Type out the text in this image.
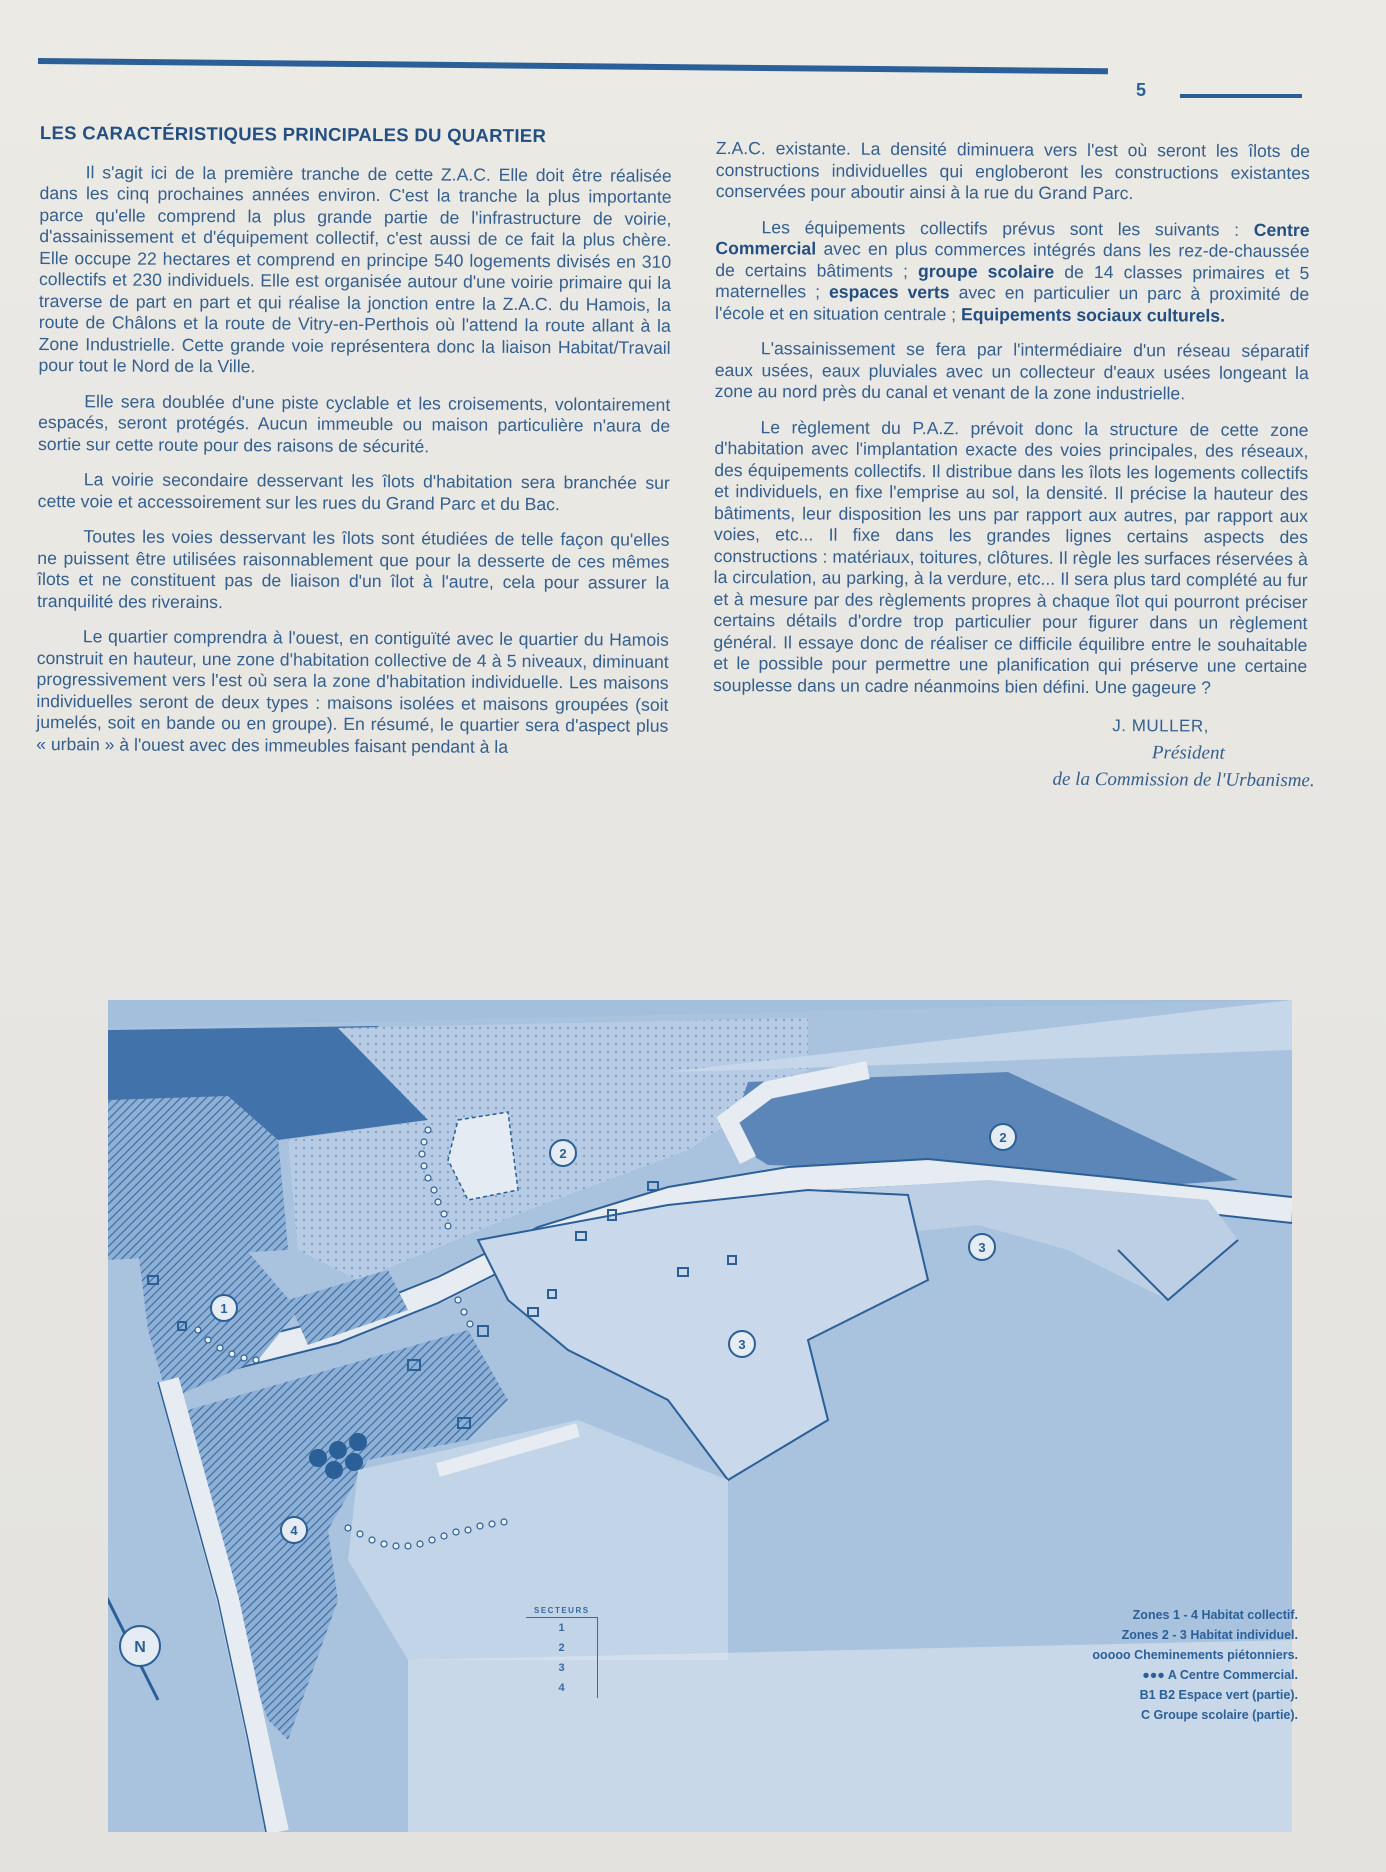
5
LES CARACTÉRISTIQUES PRINCIPALES DU QUARTIER

Il s'agit ici de la première tranche de cette Z.A.C. Elle doit être réalisée dans les cinq prochaines années environ. C'est la tranche la plus importante parce qu'elle comprend la plus grande partie de l'infrastructure de voirie, d'assainissement et d'équipement collectif, c'est aussi de ce fait la plus chère. Elle occupe 22 hectares et comprend en principe 540 logements divisés en 310 collectifs et 230 individuels. Elle est organisée autour d'une voirie primaire qui la traverse de part en part et qui réalise la jonction entre la Z.A.C. du Hamois, la route de Châlons et la route de Vitry-en-Perthois où l'attend la route allant à la Zone Industrielle. Cette grande voie représentera donc la liaison Habitat/Travail pour tout le Nord de la Ville.

Elle sera doublée d'une piste cyclable et les croisements, volontairement espacés, seront protégés. Aucun immeuble ou maison particulière n'aura de sortie sur cette route pour des raisons de sécurité.

La voirie secondaire desservant les îlots d'habitation sera branchée sur cette voie et accessoirement sur les rues du Grand Parc et du Bac.

Toutes les voies desservant les îlots sont étudiées de telle façon qu'elles ne puissent être utilisées raisonnablement que pour la desserte de ces mêmes îlots et ne constituent pas de liaison d'un îlot à l'autre, cela pour assurer la tranquilité des riverains.

Le quartier comprendra à l'ouest, en contiguïté avec le quartier du Hamois construit en hauteur, une zone d'habitation collective de 4 à 5 niveaux, diminuant progressivement vers l'est où sera la zone d'habitation individuelle. Les maisons individuelles seront de deux types : maisons isolées et maisons groupées (soit jumelés, soit en bande ou en groupe). En résumé, le quartier sera d'aspect plus « urbain » à l'ouest avec des immeubles faisant pendant à la

Z.A.C. existante. La densité diminuera vers l'est où seront les îlots de constructions individuelles qui engloberont les constructions existantes conservées pour aboutir ainsi à la rue du Grand Parc.

Les équipements collectifs prévus sont les suivants : Centre Commercial avec en plus commerces intégrés dans les rez-de-chaussée de certains bâtiments ; groupe scolaire de 14 classes primaires et 5 maternelles ; espaces verts avec en particulier un parc à proximité de l'école et en situation centrale ; Equipements sociaux culturels.

L'assainissement se fera par l'intermédiaire d'un réseau séparatif eaux usées, eaux pluviales avec un collecteur d'eaux usées longeant la zone au nord près du canal et venant de la zone industrielle.

Le règlement du P.A.Z. prévoit donc la structure de cette zone d'habitation avec l'implantation exacte des voies principales, des réseaux, des équipements collectifs. Il distribue dans les îlots les logements collectifs et individuels, en fixe l'emprise au sol, la densité. Il précise la hauteur des bâtiments, leur disposition les uns par rapport aux autres, par rapport aux voies, etc... Il fixe dans les grandes lignes certains aspects des constructions : matériaux, toitures, clôtures. Il règle les surfaces réservées à la circulation, au parking, à la verdure, etc... Il sera plus tard complété au fur et à mesure par des règlements propres à chaque îlot qui pourront préciser certains détails d'ordre trop particulier pour figurer dans un règlement général. Il essaye donc de réaliser ce difficile équilibre entre le souhaitable et le possible pour permettre une planification qui préserve une certaine souplesse dans un cadre néanmoins bien défini. Une gageure ?

J. MULLER,
Président
de la Commission de l'Urbanisme.
1
2
2
3
3
4
N
SECTEURS
1
2
3
4
Zones 1 - 4 Habitat collectif.
Zones 2 - 3 Habitat individuel.
ooooo Cheminements piétonniers.
●●● A Centre Commercial.
B1 B2 Espace vert (partie).
C Groupe scolaire (partie).
